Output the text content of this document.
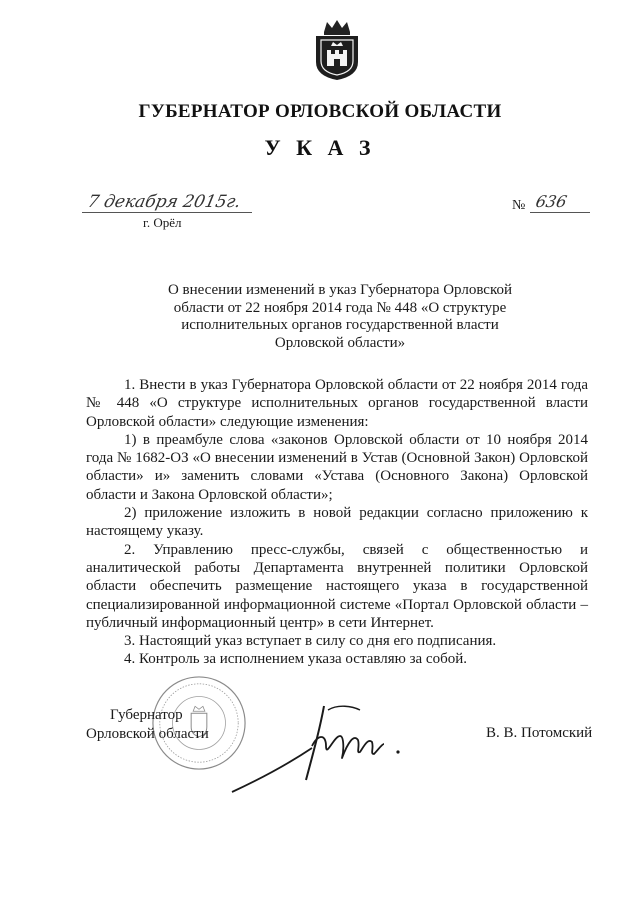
ГУБЕРНАТОР ОРЛОВСКОЙ ОБЛАСТИ
У К А З
7 декабря 2015г.
г. Орёл
№ 636
О внесении изменений в указ Губернатора Орловской области от 22 ноября 2014 года № 448 «О структуре исполнительных органов государственной власти Орловской области»

1. Внести в указ Губернатора Орловской области от 22 ноября 2014 года № 448 «О структуре исполнительных органов государственной власти Орловской области» следующие изменения:

1) в преамбуле слова «законов Орловской области от 10 ноября 2014 года № 1682-ОЗ «О внесении изменений в Устав (Основной Закон) Орловской области» и» заменить словами «Устава (Основного Закона) Орловской области и Закона Орловской области»;

2) приложение изложить в новой редакции согласно приложению к настоящему указу.

2. Управлению пресс-службы, связей с общественностью и аналитической работы Департамента внутренней политики Орловской области обеспечить размещение настоящего указа в государственной специализированной информационной системе «Портал Орловской области – публичный информационный центр» в сети Интернет.

3. Настоящий указ вступает в силу со дня его подписания.

4. Контроль за исполнением указа оставляю за собой.

Губернатор
Орловской области	В. В. Потомский
